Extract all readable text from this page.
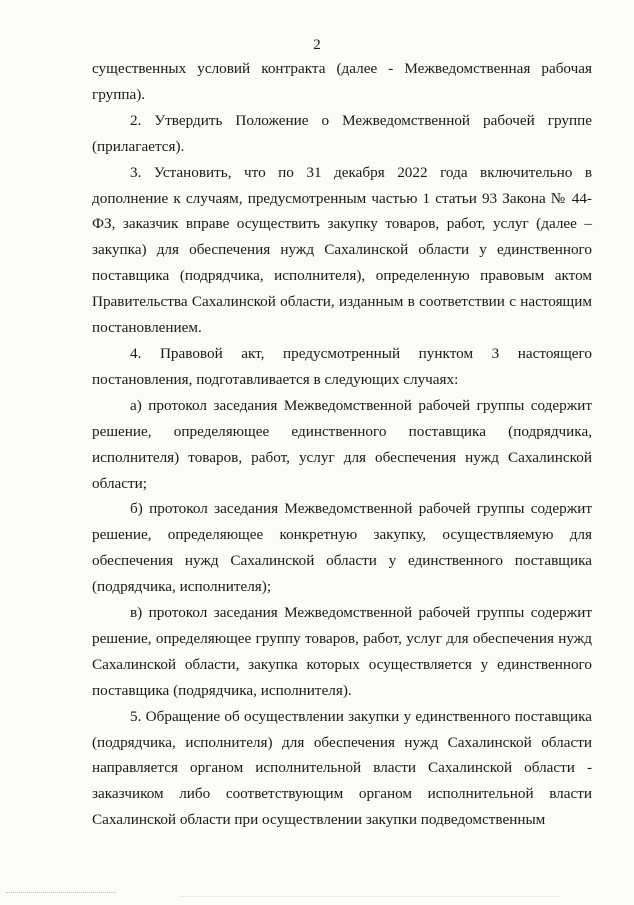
2

существенных условий контракта (далее - Межведомственная рабочая группа).

2. Утвердить Положение о Межведомственной рабочей группе (прилагается).

3. Установить, что по 31 декабря 2022 года включительно в дополнение к случаям, предусмотренным частью 1 статьи 93 Закона № 44-ФЗ, заказчик вправе осуществить закупку товаров, работ, услуг (далее – закупка) для обеспечения нужд Сахалинской области у единственного поставщика (подрядчика, исполнителя), определенную правовым актом Правительства Сахалинской области, изданным в соответствии с настоящим постановлением.

4. Правовой акт, предусмотренный пунктом 3 настоящего постановления, подготавливается в следующих случаях:

а) протокол заседания Межведомственной рабочей группы содержит решение, определяющее единственного поставщика (подрядчика, исполнителя) товаров, работ, услуг для обеспечения нужд Сахалинской области;

б) протокол заседания Межведомственной рабочей группы содержит решение, определяющее конкретную закупку, осуществляемую для обеспечения нужд Сахалинской области у единственного поставщика (подрядчика, исполнителя);

в) протокол заседания Межведомственной рабочей группы содержит решение, определяющее группу товаров, работ, услуг для обеспечения нужд Сахалинской области, закупка которых осуществляется у единственного поставщика (подрядчика, исполнителя).

5. Обращение об осуществлении закупки у единственного поставщика (подрядчика, исполнителя) для обеспечения нужд Сахалинской области направляется органом исполнительной власти Сахалинской области - заказчиком либо соответствующим органом исполнительной власти Сахалинской области при осуществлении закупки подведомственным
